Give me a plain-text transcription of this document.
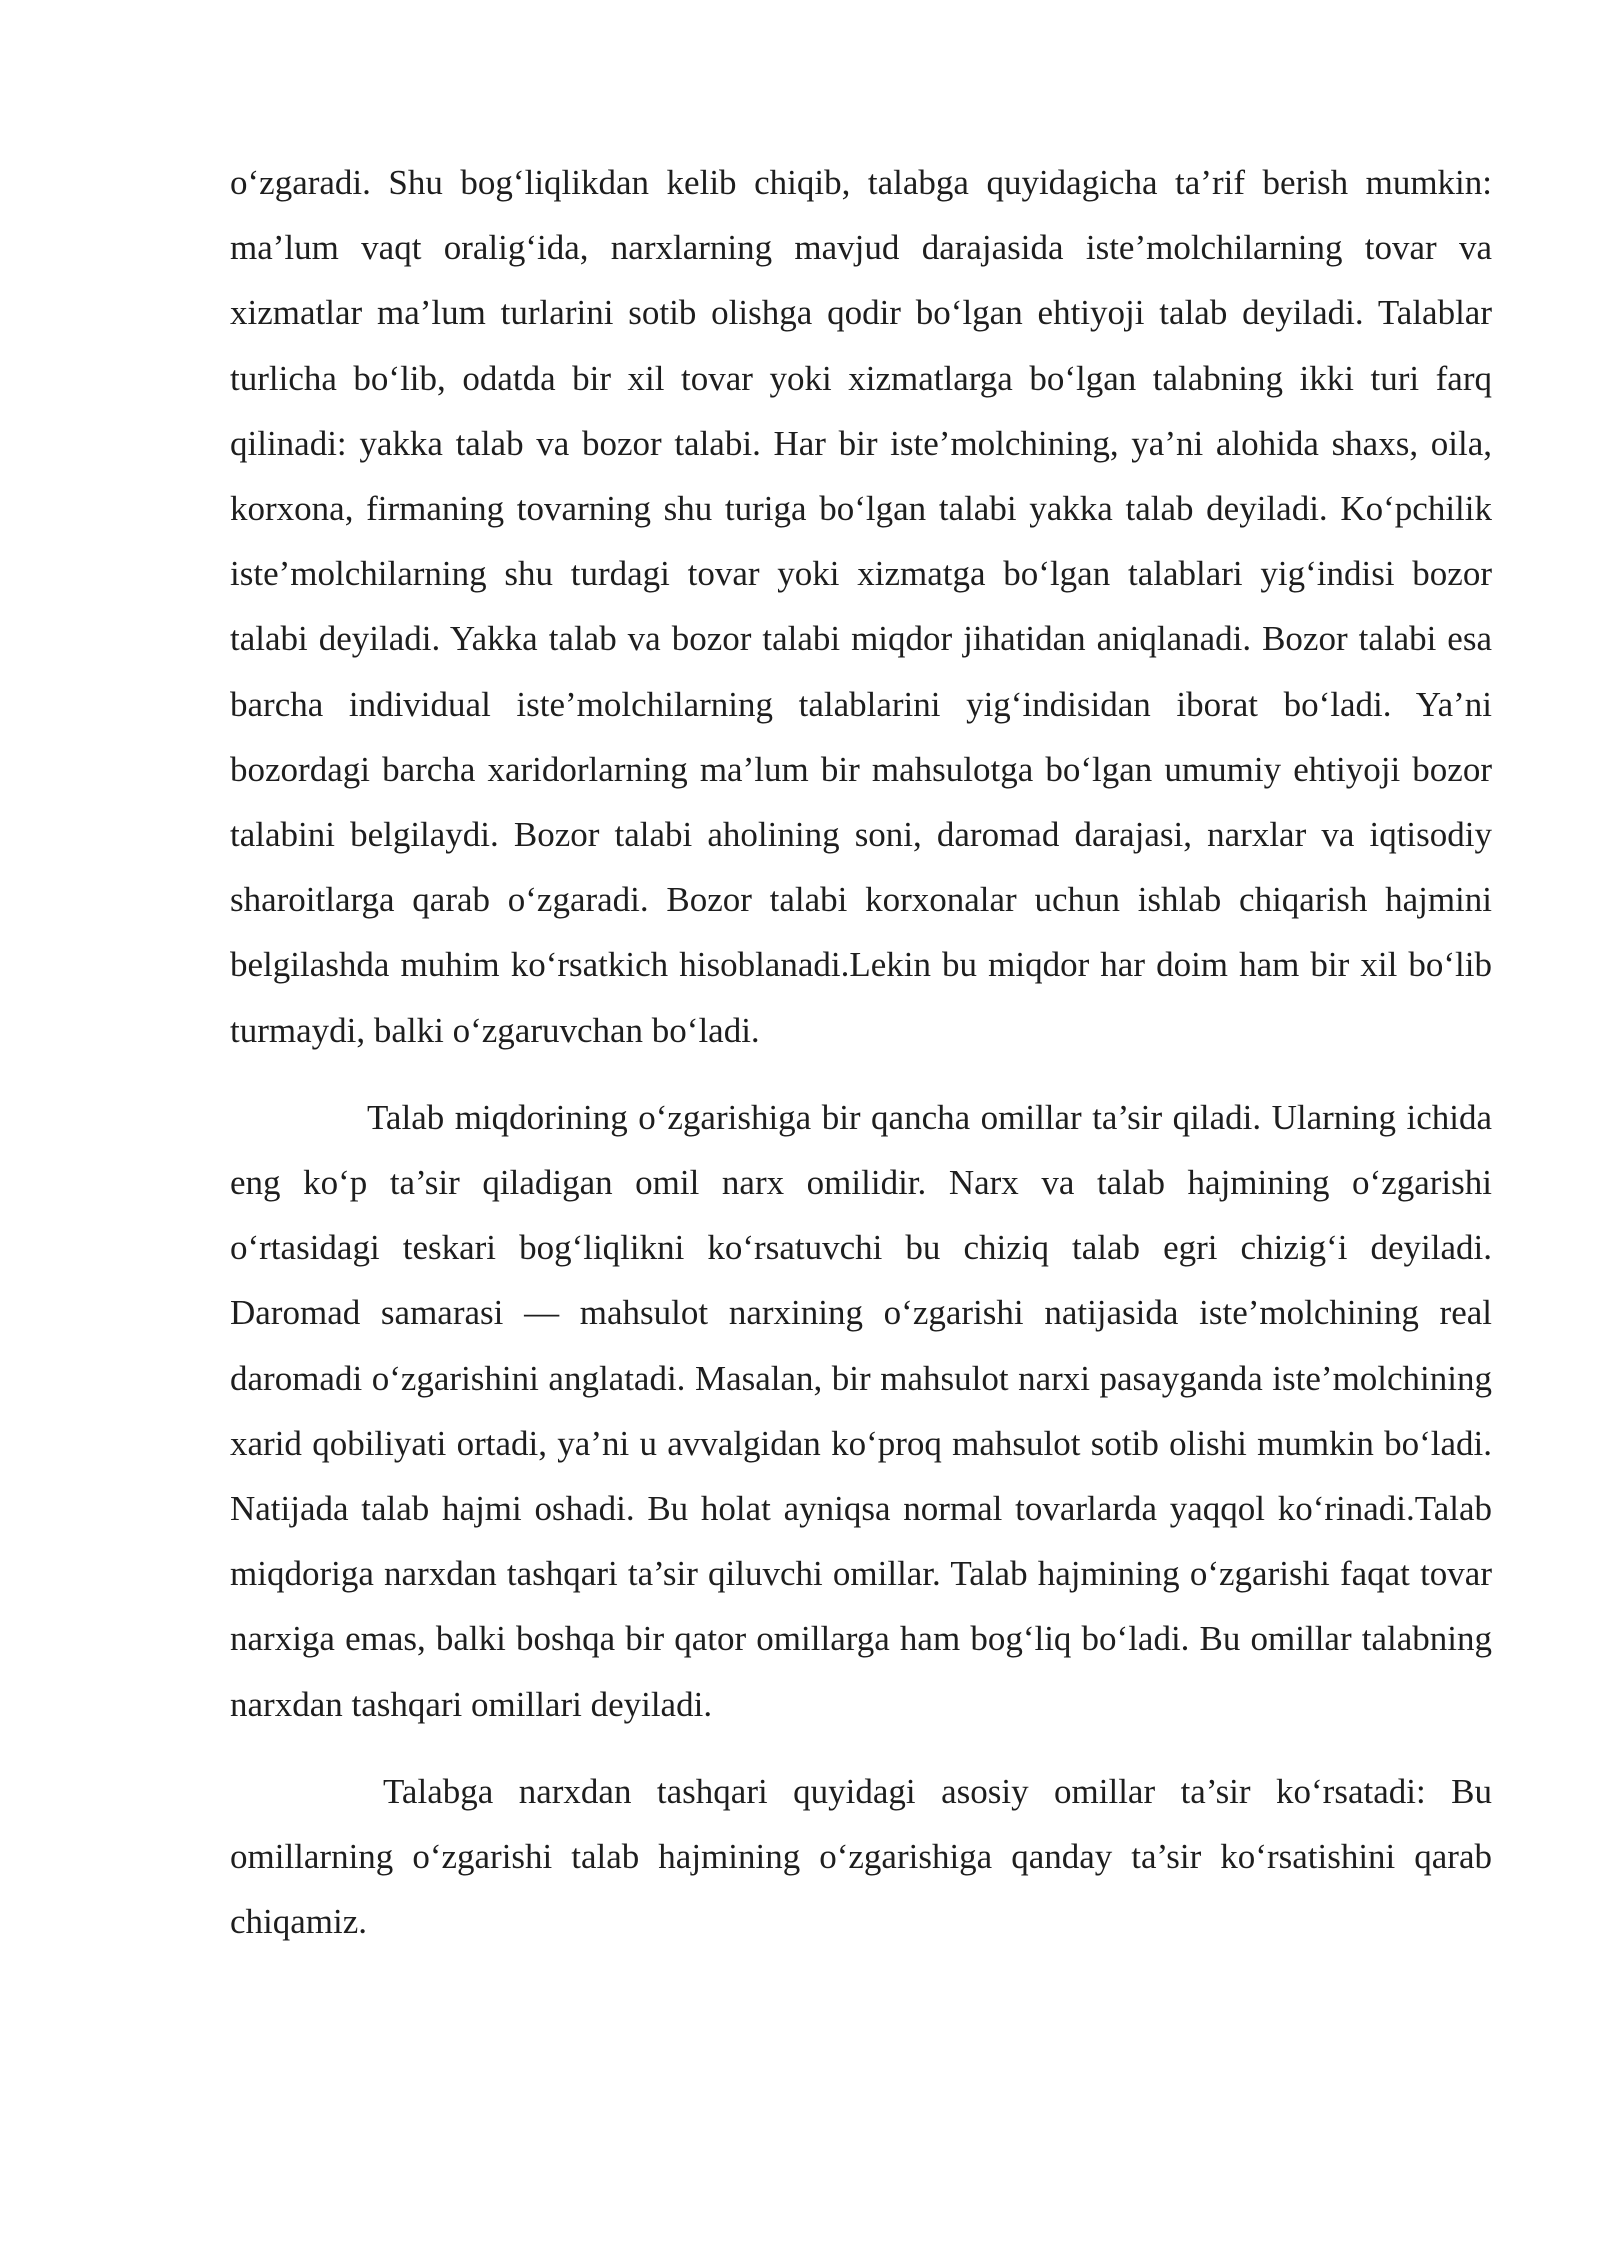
o‘zgaradi. Shu bog‘liqlikdan kelib chiqib, talabga quyidagicha ta’rif berish mumkin: ma’lum vaqt oralig‘ida, narxlarning mavjud darajasida iste’molchilarning tovar va xizmatlar ma’lum turlarini sotib olishga qodir bo‘lgan ehtiyoji talab deyiladi. Talablar turlicha bo‘lib, odatda bir xil tovar yoki xizmatlarga bo‘lgan talabning ikki turi farq qilinadi: yakka talab va bozor talabi. Har bir iste’molchining, ya’ni alohida shaxs, oila, korxona, firmaning tovarning shu turiga bo‘lgan talabi yakka talab deyiladi. Ko‘pchilik iste’molchilarning shu turdagi tovar yoki xizmatga bo‘lgan talablari yig‘indisi bozor talabi deyiladi. Yakka talab va bozor talabi miqdor jihatidan aniqlanadi. Bozor talabi esa barcha individual iste’molchilarning talablarini yig‘indisidan iborat bo‘ladi. Ya’ni bozordagi barcha xaridorlarning ma’lum bir mahsulotga bo‘lgan umumiy ehtiyoji bozor talabini belgilaydi. Bozor talabi aholining soni, daromad darajasi, narxlar va iqtisodiy sharoitlarga qarab o‘zgaradi. Bozor talabi korxonalar uchun ishlab chiqarish hajmini belgilashda muhim ko‘rsatkich hisoblanadi.Lekin bu miqdor har doim ham bir xil bo‘lib turmaydi, balki o‘zgaruvchan bo‘ladi.

Talab miqdorining o‘zgarishiga bir qancha omillar ta’sir qiladi. Ularning ichida eng ko‘p ta’sir qiladigan omil narx omilidir. Narx va talab hajmining o‘zgarishi o‘rtasidagi teskari bog‘liqlikni ko‘rsatuvchi bu chiziq talab egri chizig‘i deyiladi. Daromad samarasi — mahsulot narxining o‘zgarishi natijasida iste’molchining real daromadi o‘zgarishini anglatadi. Masalan, bir mahsulot narxi pasayganda iste’molchining xarid qobiliyati ortadi, ya’ni u avvalgidan ko‘proq mahsulot sotib olishi mumkin bo‘ladi. Natijada talab hajmi oshadi. Bu holat ayniqsa normal tovarlarda yaqqol ko‘rinadi.Talab miqdoriga narxdan tashqari ta’sir qiluvchi omillar. Talab hajmining o‘zgarishi faqat tovar narxiga emas, balki boshqa bir qator omillarga ham bog‘liq bo‘ladi. Bu omillar talabning narxdan tashqari omillari deyiladi.

Talabga narxdan tashqari quyidagi asosiy omillar ta’sir ko‘rsatadi: Bu omillarning o‘zgarishi talab hajmining o‘zgarishiga qanday ta’sir ko‘rsatishini qarab chiqamiz.
